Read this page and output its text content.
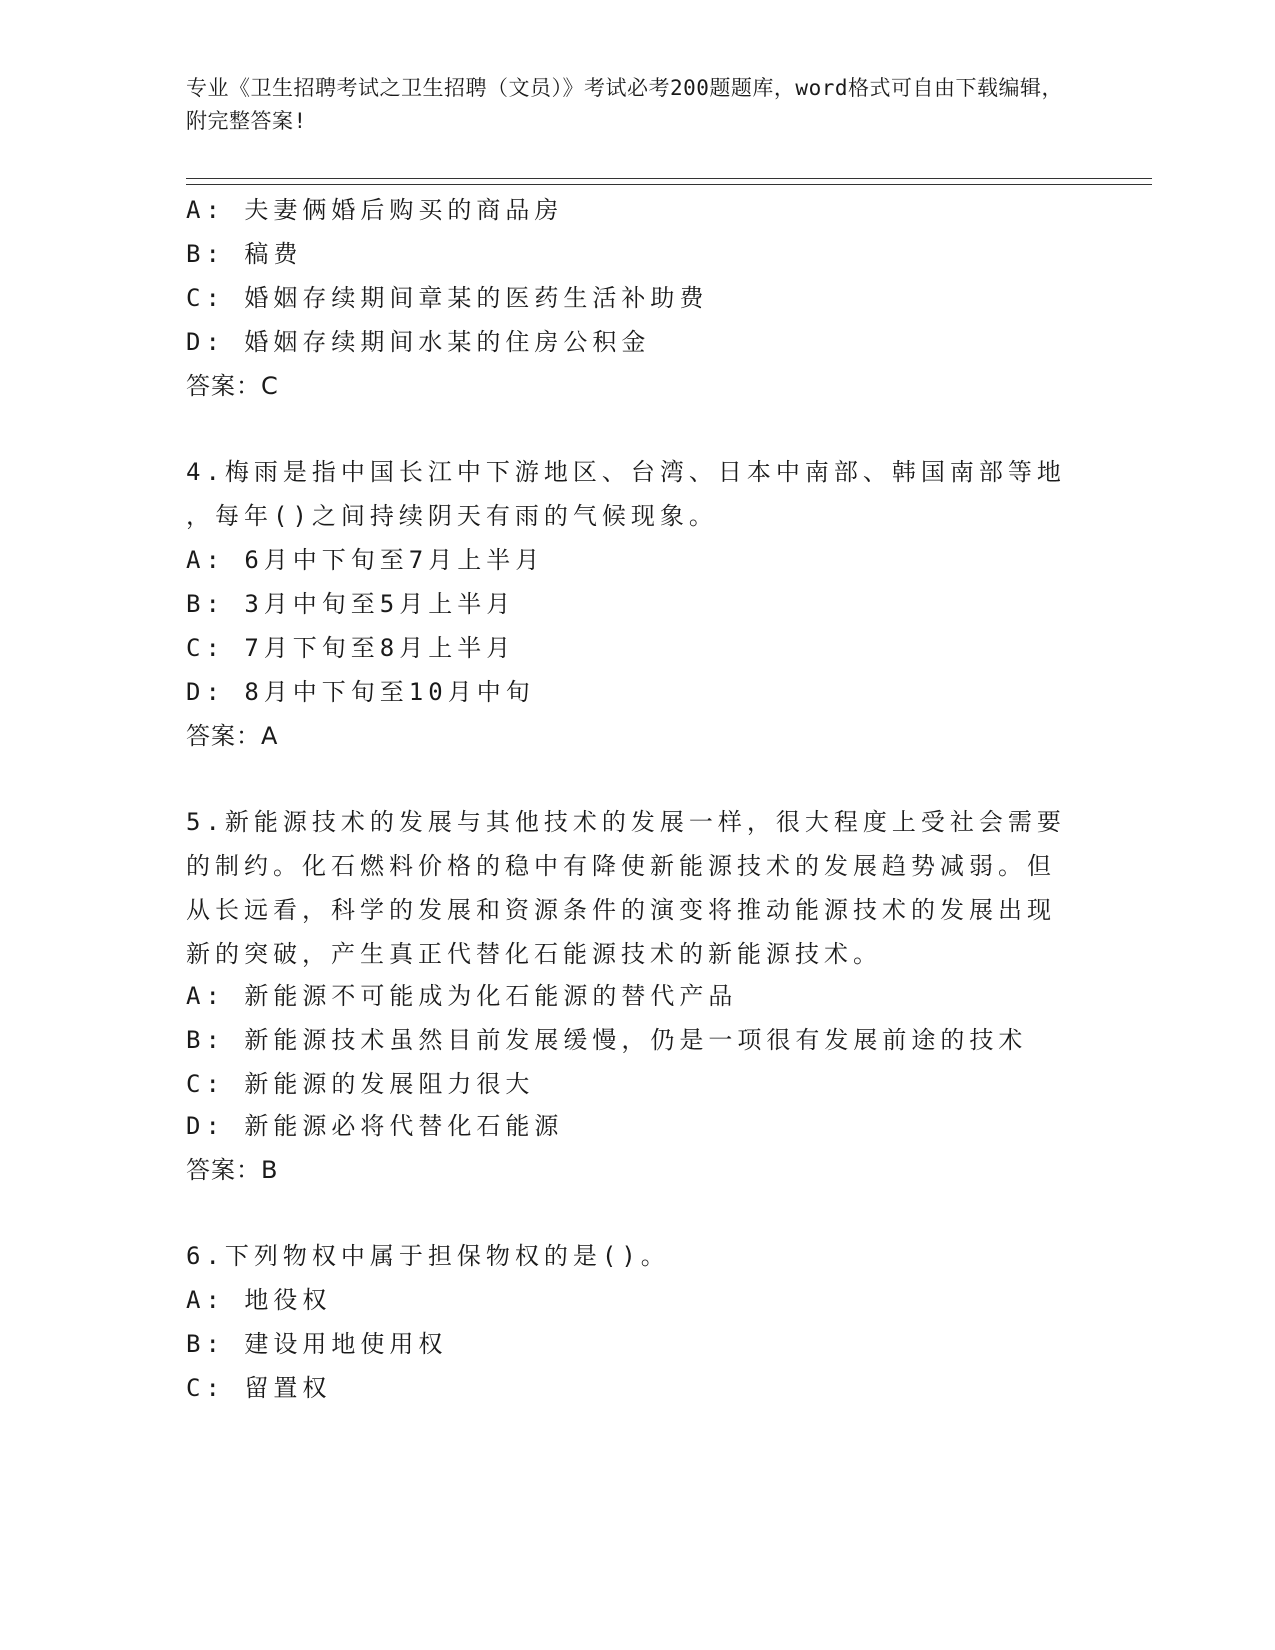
专业《卫生招聘考试之卫生招聘（文员）》考试必考200题题库，word格式可自由下载编辑，附完整答案!
A: 夫妻俩婚后购买的商品房
B: 稿费
C: 婚姻存续期间章某的医药生活补助费
D: 婚姻存续期间水某的住房公积金
答案：C
4.梅雨是指中国长江中下游地区、台湾、日本中南部、韩国南部等地
，每年()之间持续阴天有雨的气候现象。
A: 6月中下旬至7月上半月
B: 3月中旬至5月上半月
C: 7月下旬至8月上半月
D: 8月中下旬至10月中旬
答案：A
5.新能源技术的发展与其他技术的发展一样，很大程度上受社会需要
的制约。化石燃料价格的稳中有降使新能源技术的发展趋势减弱。但
从长远看，科学的发展和资源条件的演变将推动能源技术的发展出现
新的突破，产生真正代替化石能源技术的新能源技术。
A: 新能源不可能成为化石能源的替代产品
B: 新能源技术虽然目前发展缓慢，仍是一项很有发展前途的技术
C: 新能源的发展阻力很大
D: 新能源必将代替化石能源
答案：B
6.下列物权中属于担保物权的是()。
A: 地役权
B: 建设用地使用权
C: 留置权
